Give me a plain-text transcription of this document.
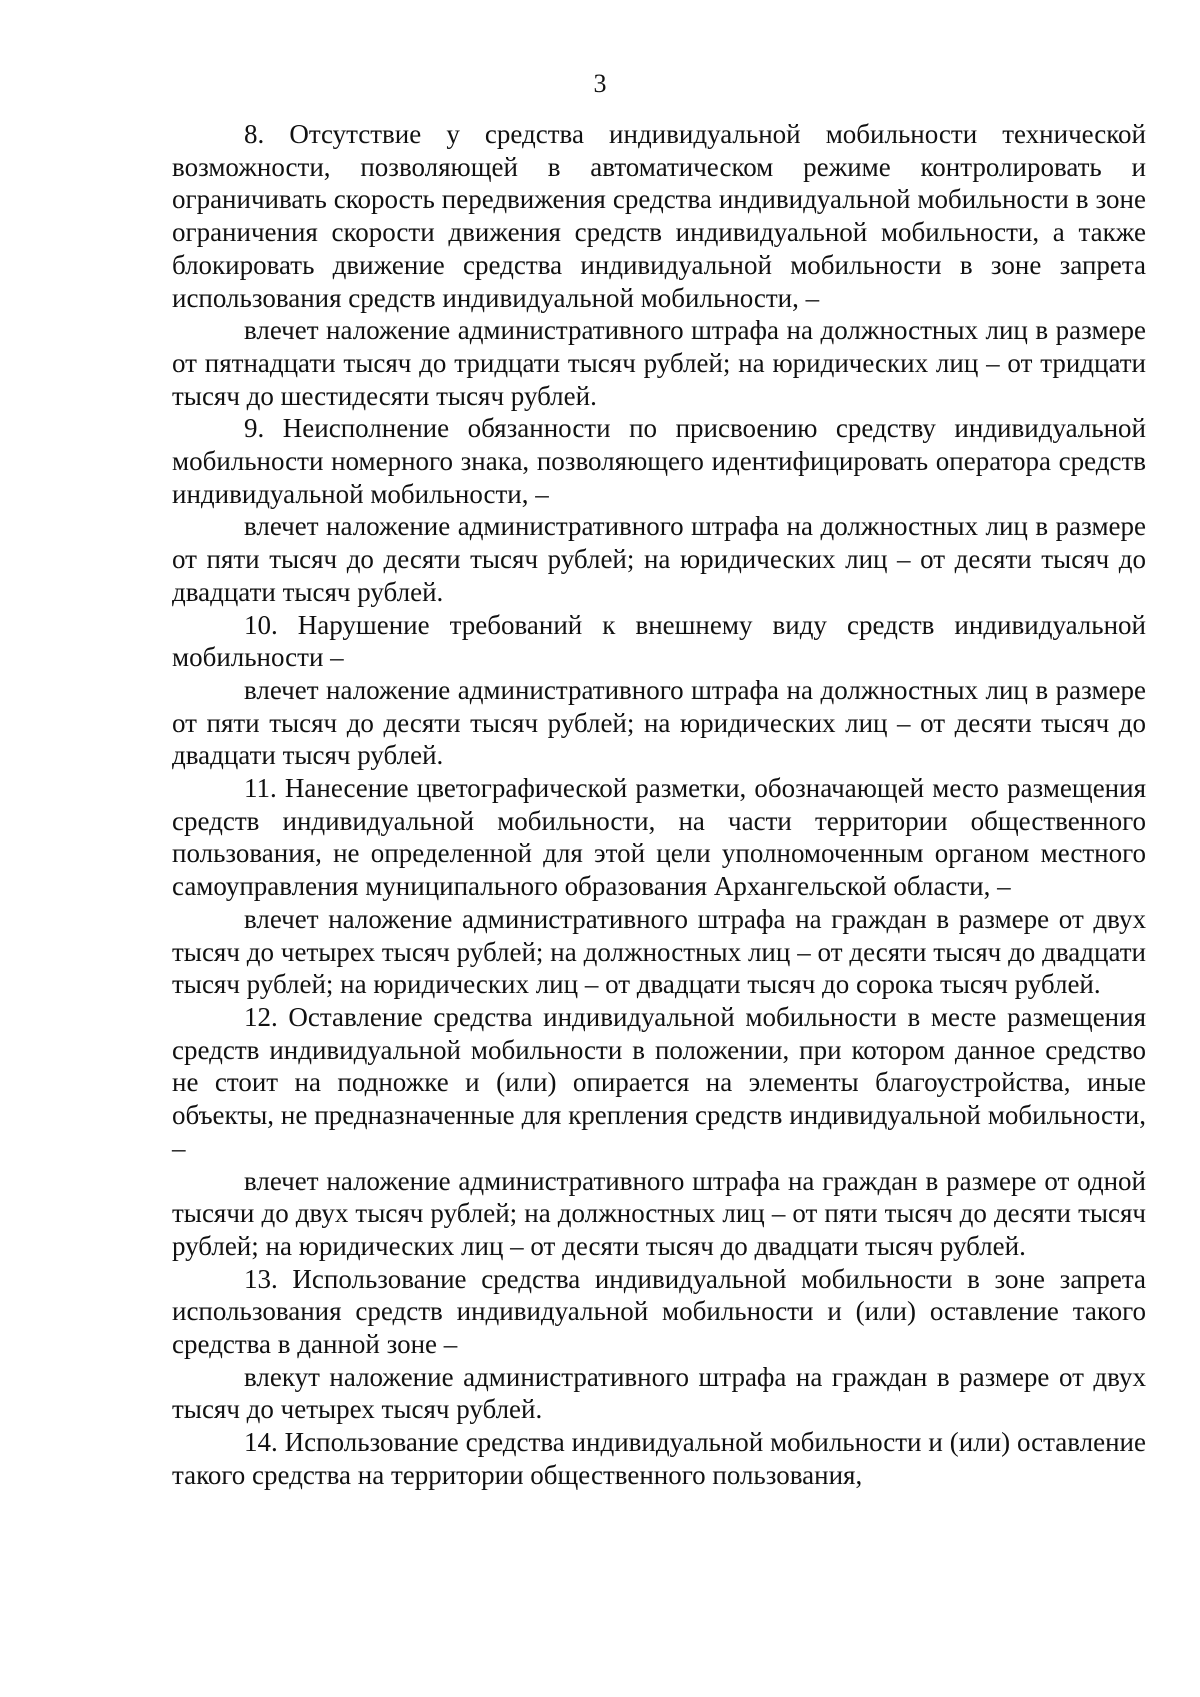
3

8. Отсутствие у средства индивидуальной мобильности технической возможности, позволяющей в автоматическом режиме контролировать и ограничивать скорость передвижения средства индивидуальной мобильности в зоне ограничения скорости движения средств индивидуальной мобильности, а также блокировать движение средства индивидуальной мобильности в зоне запрета использования средств индивидуальной мобильности, –

влечет наложение административного штрафа на должностных лиц в размере от пятнадцати тысяч до тридцати тысяч рублей; на юридических лиц – от тридцати тысяч до шестидесяти тысяч рублей.

9. Неисполнение обязанности по присвоению средству индивидуальной мобильности номерного знака, позволяющего идентифицировать оператора средств индивидуальной мобильности, –

влечет наложение административного штрафа на должностных лиц в размере от пяти тысяч до десяти тысяч рублей; на юридических лиц – от десяти тысяч до двадцати тысяч рублей.

10. Нарушение требований к внешнему виду средств индивидуальной мобильности –

влечет наложение административного штрафа на должностных лиц в размере от пяти тысяч до десяти тысяч рублей; на юридических лиц – от десяти тысяч до двадцати тысяч рублей.

11. Нанесение цветографической разметки, обозначающей место размещения средств индивидуальной мобильности, на части территории общественного пользования, не определенной для этой цели уполномоченным органом местного самоуправления муниципального образования Архангельской области, –

влечет наложение административного штрафа на граждан в размере от двух тысяч до четырех тысяч рублей; на должностных лиц – от десяти тысяч до двадцати тысяч рублей; на юридических лиц – от двадцати тысяч до сорока тысяч рублей.

12. Оставление средства индивидуальной мобильности в месте размещения средств индивидуальной мобильности в положении, при котором данное средство не стоит на подножке и (или) опирается на элементы благоустройства, иные объекты, не предназначенные для крепления средств индивидуальной мобильности, –

влечет наложение административного штрафа на граждан в размере от одной тысячи до двух тысяч рублей; на должностных лиц – от пяти тысяч до десяти тысяч рублей; на юридических лиц – от десяти тысяч до двадцати тысяч рублей.

13. Использование средства индивидуальной мобильности в зоне запрета использования средств индивидуальной мобильности и (или) оставление такого средства в данной зоне –

влекут наложение административного штрафа на граждан в размере от двух тысяч до четырех тысяч рублей.

14. Использование средства индивидуальной мобильности и (или) оставление такого средства на территории общественного пользования,
